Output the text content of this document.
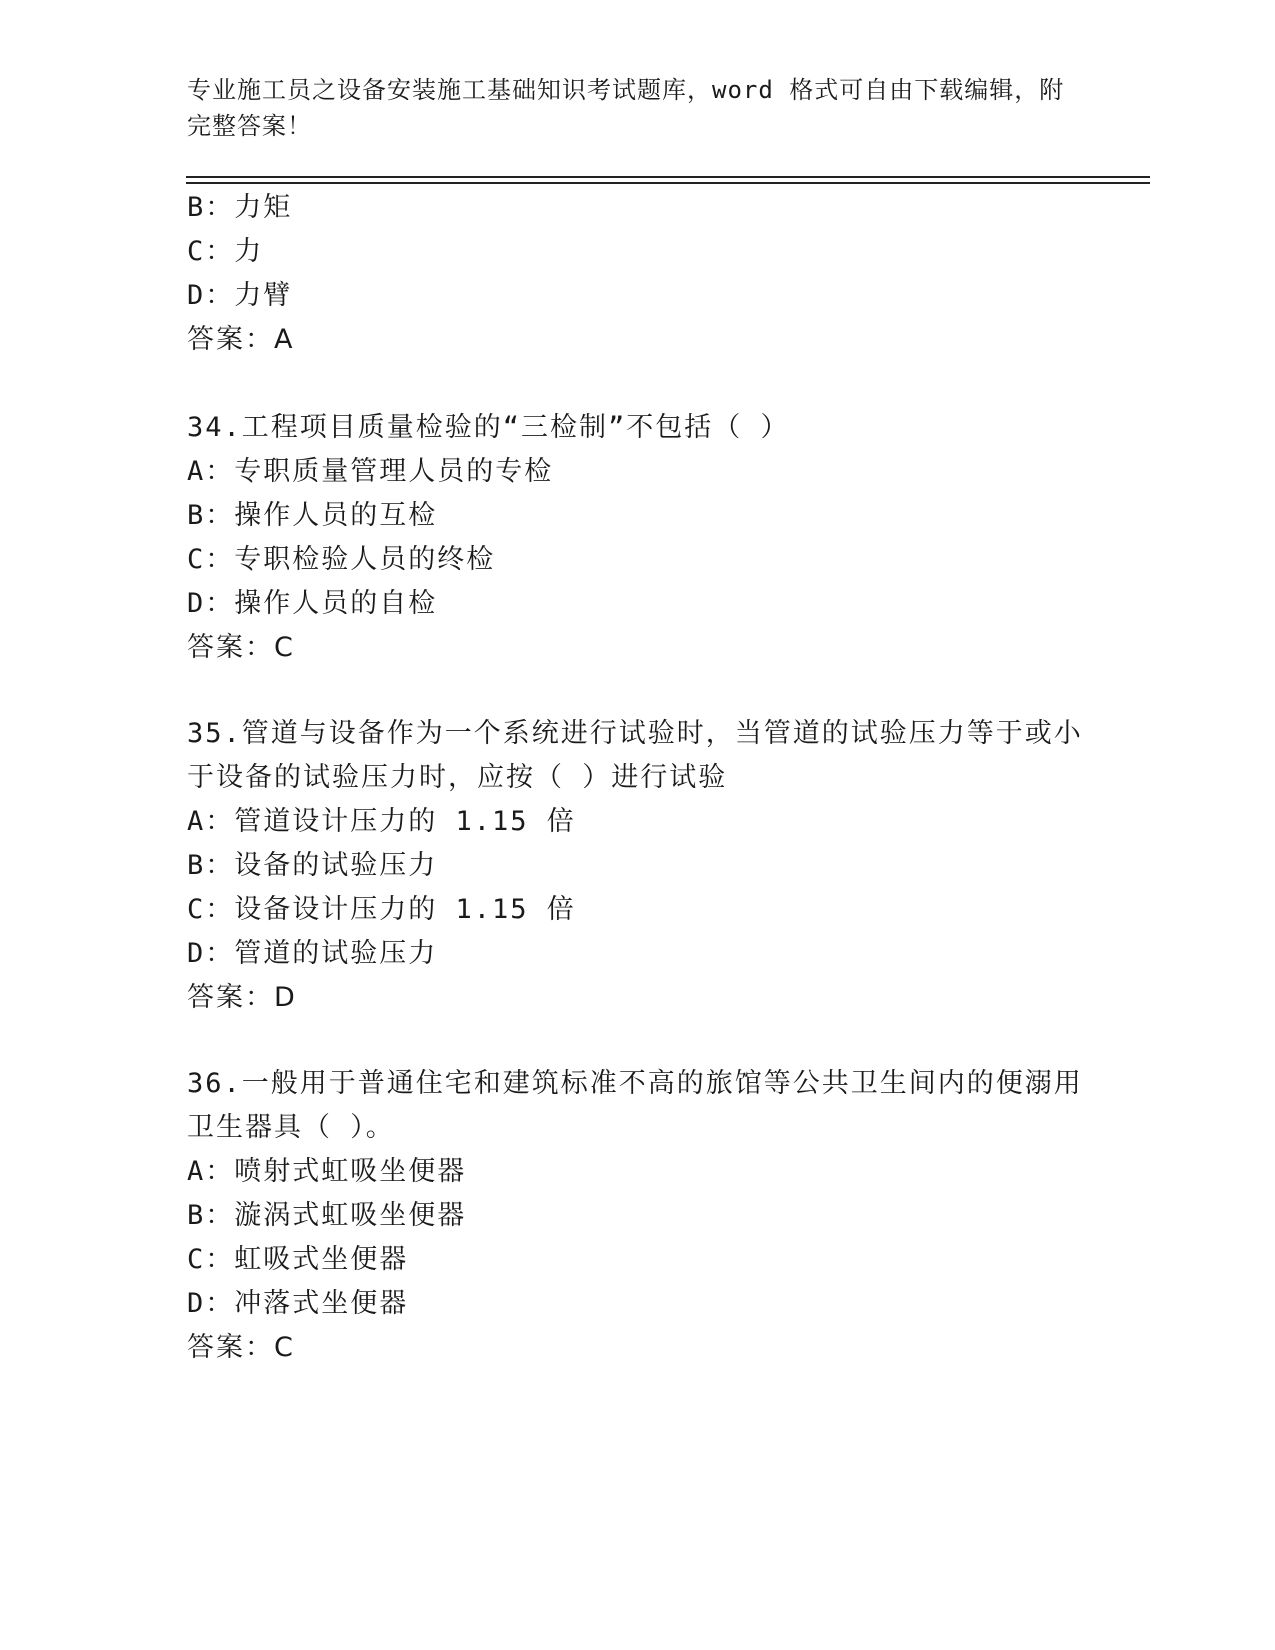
专业施工员之设备安装施工基础知识考试题库，word 格式可自由下载编辑，附完整答案！
B：力矩
C：力
D：力臂
答案：A
34.工程项目质量检验的“三检制”不包括（ ）
A：专职质量管理人员的专检
B：操作人员的互检
C：专职检验人员的终检
D：操作人员的自检
答案：C
35.管道与设备作为一个系统进行试验时，当管道的试验压力等于或小
于设备的试验压力时，应按（ ）进行试验
A：管道设计压力的 1.15 倍
B：设备的试验压力
C：设备设计压力的 1.15 倍
D：管道的试验压力
答案：D
36.一般用于普通住宅和建筑标准不高的旅馆等公共卫生间内的便溺用
卫生器具（ ）。
A：喷射式虹吸坐便器
B：漩涡式虹吸坐便器
C：虹吸式坐便器
D：冲落式坐便器
答案：C
